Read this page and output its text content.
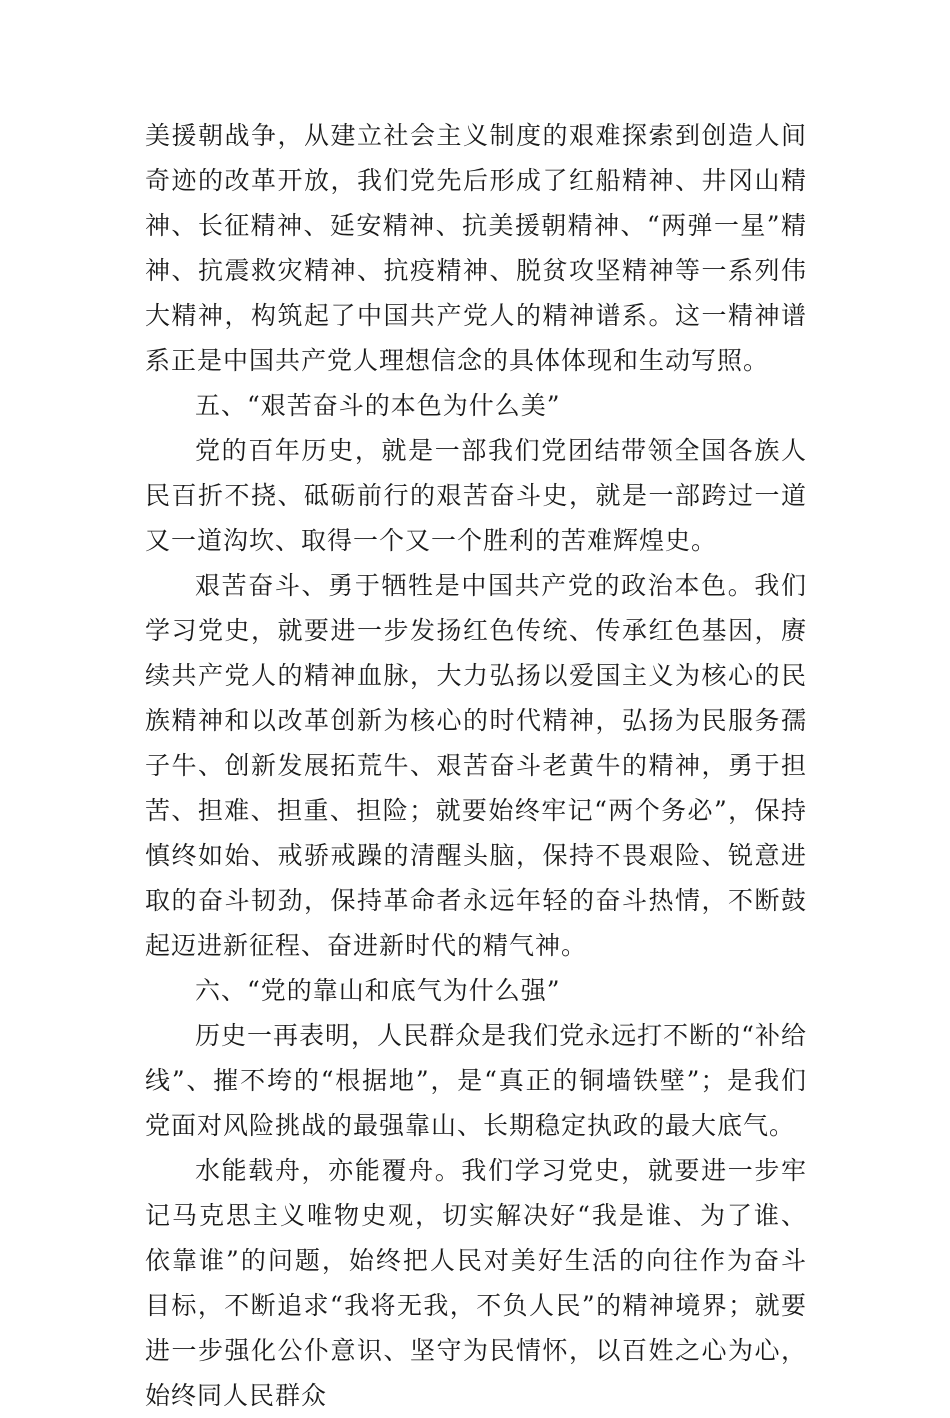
美援朝战争，从建立社会主义制度的艰难探索到创造人间奇迹的改革开放，我们党先后形成了红船精神、井冈山精神、长征精神、延安精神、抗美援朝精神、“两弹一星”精神、抗震救灾精神、抗疫精神、脱贫攻坚精神等一系列伟大精神，构筑起了中国共产党人的精神谱系。这一精神谱系正是中国共产党人理想信念的具体体现和生动写照。

五、“艰苦奋斗的本色为什么美”

党的百年历史，就是一部我们党团结带领全国各族人民百折不挠、砥砺前行的艰苦奋斗史，就是一部跨过一道又一道沟坎、取得一个又一个胜利的苦难辉煌史。

艰苦奋斗、勇于牺牲是中国共产党的政治本色。我们学习党史，就要进一步发扬红色传统、传承红色基因，赓续共产党人的精神血脉，大力弘扬以爱国主义为核心的民族精神和以改革创新为核心的时代精神，弘扬为民服务孺子牛、创新发展拓荒牛、艰苦奋斗老黄牛的精神，勇于担苦、担难、担重、担险；就要始终牢记“两个务必”，保持慎终如始、戒骄戒躁的清醒头脑，保持不畏艰险、锐意进取的奋斗韧劲，保持革命者永远年轻的奋斗热情，不断鼓起迈进新征程、奋进新时代的精气神。

六、“党的靠山和底气为什么强”

历史一再表明，人民群众是我们党永远打不断的“补给线”、摧不垮的“根据地”，是“真正的铜墙铁壁”；是我们党面对风险挑战的最强靠山、长期稳定执政的最大底气。

水能载舟，亦能覆舟。我们学习党史，就要进一步牢记马克思主义唯物史观，切实解决好“我是谁、为了谁、依靠谁”的问题，始终把人民对美好生活的向往作为奋斗目标，不断追求“我将无我，不负人民”的精神境界；就要进一步强化公仆意识、坚守为民情怀，以百姓之心为心，始终同人民群众
